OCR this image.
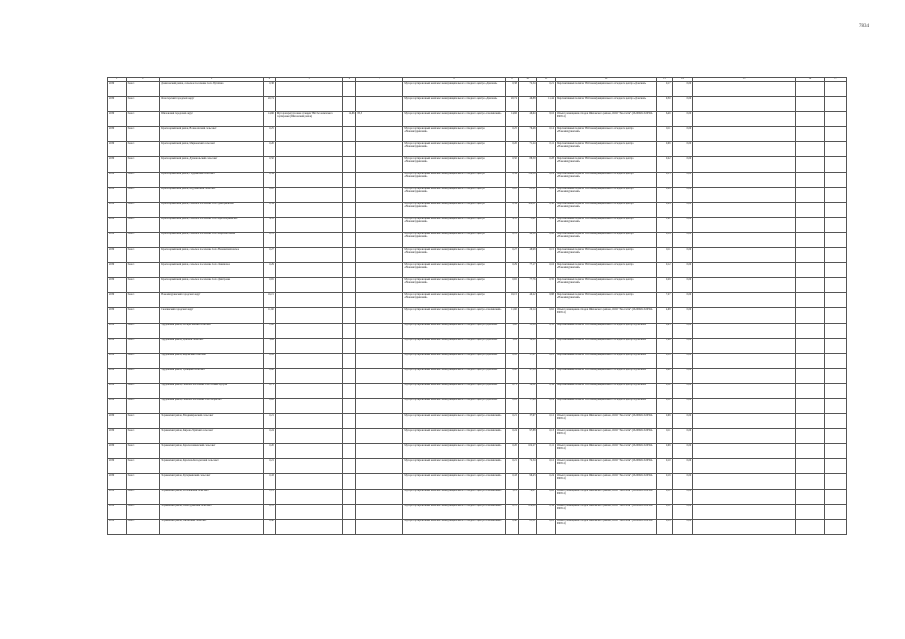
7834
1	2	3	4	5	6	7	8	9	10	11	12	13	14	15	16	17
2030	Зона 1	Даниловский район, сельское поселение Село Путятино	0,38				Мусоросортировочный комплекс межмуниципального отходного центра «Донской»	0,38	72,54	0,21	Перспективный полигон ТБО межмуниципального отходного центра «Донской»	0,17	0,00			
2030	Зона 1	Ясногорский городской округ	20,74				Мусоросортировочный комплекс межмуниципального отходного центра «Донской»	20,74	46,88	11,44	Перспективный полигон ТБО межмуниципального отходного центра «Донской»	9,30	0,00			
2030	Зона 1	Шиловский городской округ	14,66	Мусороперегрузочная станция ТБО без комплекса сортировки (Шиловский район)	14,66	85,3	Мусоросортировочный комплекс межмуниципального отходного центра «Скопинский»	14,66	46,64	8,16	Объект размещения отходов Шиловского района, ООО "Эко-Сити" (26-00026-З-00592-090514)	6,49	0,00			
2030	Зона 1	Красноармейский район, Вознесенский сельсовет	0,25				Мусоросортировочный комплекс межмуниципального отходного центра «Новомичуринский»	0,25	76,46	0,14	Перспективный полигон ТБО межмуниципального отходного центра «Новомичуринский»	0,11	0,00			
2030	Зона 1	Красноармейский район, Мирненский сельсовет	0,20				Мусоросортировочный комплекс межмуниципального отходного центра «Новомичуринский»	0,20	71,24	0,11	Перспективный полигон ТБО межмуниципального отходного центра «Новомичуринский»	0,09	0,00			
2030	Зона 1	Красноармейский район, Душевольский сельсовет	0,50				Мусоросортировочный комплекс межмуниципального отходного центра «Новомичуринский»	0,50	88,50	0,28	Перспективный полигон ТБО межмуниципального отходного центра «Новомичуринский»	0,22	0,00			
2030	Зона 1	Красноармейский район, Гордеевский сельсовет	0,34				Мусоросортировочный комплекс межмуниципального отходного центра «Новомичуринский»	0,34	110,36	0,19	Перспективный полигон ТБО межмуниципального отходного центра «Новомичуринский»	0,15	0,00			
2030	Зона 1	Красноармейский район, Шурманский сельсовет	0,20				Мусоросортировочный комплекс межмуниципального отходного центра «Новомичуринский»	0,20	81,21	0,11	Перспективный полигон ТБО межмуниципального отходного центра «Новомичуринский»	0,09	0,00			
2030	Зона 1	Красноармейский район, сельское поселение Село Дмитриевское	0,54				Мусоросортировочный комплекс межмуниципального отходного центра «Новомичуринский»	0,54	104,11	0,30	Перспективный полигон ТБО межмуниципального отходного центра «Новомичуринский»	0,24	0,00			
2030	Зона 1	Красноармейский район, сельское поселение Село Красноармейское	4,35				Мусоросортировочный комплекс межмуниципального отходного центра «Новомичуринский»	4,35	75,41	2,34	Перспективный полигон ТБО межмуниципального отходного центра «Новомичуринский»	1,91	0,00			
2030	Зона 1	Красноармейский район, сельское поселение Село Карабаш Баязы	0,78				Мусоросортировочный комплекс межмуниципального отходного центра «Новомичуринский»	0,78	40,19	0,43	Перспективный полигон ТБО межмуниципального отходного центра «Новомичуринский»	0,34	0,00			
2030	Зона 1	Красноармейский район, сельское поселение Село Новомихайловское	0,27				Мусоросортировочный комплекс межмуниципального отходного центра «Новомичуринский»	0,27	48,98	0,15	Перспективный полигон ТБО межмуниципального отходного центра «Новомичуринский»	0,11	0,00			
2030	Зона 1	Красноармейский район, сельское поселение Село Ленинское	0,29				Мусоросортировочный комплекс межмуниципального отходного центра «Новомичуринский»	0,29	77,17	0,16	Перспективный полигон ТБО межмуниципального отходного центра «Новомичуринский»	0,12	0,00			
2030	Зона 1	Красноармейский район, сельское поселение Село Дмитровка	0,65				Мусоросортировочный комплекс межмуниципального отходного центра «Новомичуринский»	0,65	77,76	0,35	Перспективный полигон ТБО межмуниципального отходного центра «Новомичуринский»	0,29	0,00			
2030	Зона 1	Новомичуринский городской округ	16,15				Мусоросортировочный комплекс межмуниципального отходного центра «Новомичуринский»	16,15	40,22	8,88	Перспективный полигон ТБО межмуниципального отходного центра «Новомичуринский»	7,27	0,00			
2030	Зона 1	Скопинский городской округ	11,60				Мусоросортировочный комплекс межмуниципального отходного центра «Скопинский»	11,60	20,14	6,62	Объект размещения отходов Шиловского района, ООО "Эко-Сити" (26-00026-З-00592-090514)	4,98	0,00			
2030	Зона 1	Трудовский район, Воскресенский сельсовет	1,00				Мусоросортировочный комплекс межмуниципального отходного центра «Донской»	1,00	53,18	0,55	Перспективный полигон ТБО межмуниципального отходного центра «Донской»	0,45	0,00			
2030	Зона 1	Трудовский район, Донской сельсовет	3,69				Мусоросортировочный комплекс межмуниципального отходного центра «Донской»	3,69	34,20	2,03	Перспективный полигон ТБО межмуниципального отходного центра «Донской»	1,66	0,00			
2030	Зона 1	Трудовский район, Кировский сельсовет	0,41				Мусоросортировочный комплекс межмуниципального отходного центра «Донской»	0,41	37,27	0,23	Перспективный полигон ТБО межмуниципального отходного центра «Донской»	0,18	0,00			
2030	Зона 1	Трудовский район, Троицкий сельсовет	0,90				Мусоросортировочный комплекс межмуниципального отходного центра «Донской»	0,90	47,38	0,50	Перспективный полигон ТБО межмуниципального отходного центра «Донской»	0,40	0,00			
2030	Зона 1	Трудовский район, сельское поселение Село Новые Кутузы	0,71				Мусоросортировочный комплекс межмуниципального отходного центра «Донской»	0,71	50,32	0,39	Перспективный полигон ТБО межмуниципального отходного центра «Донской»	0,32	0,00			
2030	Зона 1	Трудовский район, сельское поселение Село Борисово	0,26				Мусоросортировочный комплекс межмуниципального отходного центра «Донской»	0,26	37,64	0,14	Перспективный полигон ТБО межмуниципального отходного центра «Донской»	0,12	0,00			
2030	Зона 1	Торжевский район, Владимировский сельсовет	0,21				Мусоросортировочный комплекс межмуниципального отходного центра «Скопинский»	0,21	37,67	0,12	Объект размещения отходов Шиловского района, ООО "Эко-Сити" (26-00026-З-00592-090514)	0,09	0,00			
2030	Зона 1	Торжевский район, Кирово-Чуйский сельсовет	0,24				Мусоросортировочный комплекс межмуниципального отходного центра «Скопинский»	0,24	97,88	0,13	Объект размещения отходов Шиловского района, ООО "Эко-Сити" (26-00026-З-00592-090514)	0,11	0,00			
2030	Зона 1	Торжевский район, Краснознаменский сельсовет	0,20				Мусоросортировочный комплекс межмуниципального отходного центра «Скопинский»	0,20	102,27	0,11	Объект размещения отходов Шиловского района, ООО "Эко-Сити" (26-00026-З-00592-090514)	0,09	0,00			
2030	Зона 1	Торжевский район, Краснов-Колодезский сельсовет	0,21				Мусоросортировочный комплекс межмуниципального отходного центра «Скопинский»	0,21	72,54	0,12	Объект размещения отходов Шиловского района, ООО "Эко-Сити" (26-00026-З-00592-090514)	0,10	0,00			
2030	Зона 1	Торжевский район, Кутерминский сельсовет	0,43				Мусоросортировочный комплекс межмуниципального отходного центра «Скопинский»	0,43	96,43	0,24	Объект размещения отходов Шиловского района, ООО "Эко-Сити" (26-00026-З-00592-090514)	0,19	0,00			
2030	Зона 1	Торжевский район, Истячёвский сельсовет	1,13				Мусоросортировочный комплекс межмуниципального отходного центра «Скопинский»	1,13	74,07	0,62	Объект размещения отходов Шиловского района, ООО "Эко-Сити" (26-00026-З-00592-090514)	0,51	0,00			
2030	Зона 1	Торжевский район, Новосурайский сельсовет	0,70				Мусоросортировочный комплекс межмуниципального отходного центра «Скопинский»	0,70	106,09	0,39	Объект размещения отходов Шиловского района, ООО "Эко-Сити" (26-00026-З-00592-090514)	0,31	0,00			
2030	Зона 1	Торжевский район, Овсянский сельсовет	0,40				Мусоросортировочный комплекс межмуниципального отходного центра «Скопинский»	0,40	85,31	0,22	Объект размещения отходов Шиловского района, ООО "Эко-Сити" (26-00026-З-00592-090514)	0,18	0,00			
